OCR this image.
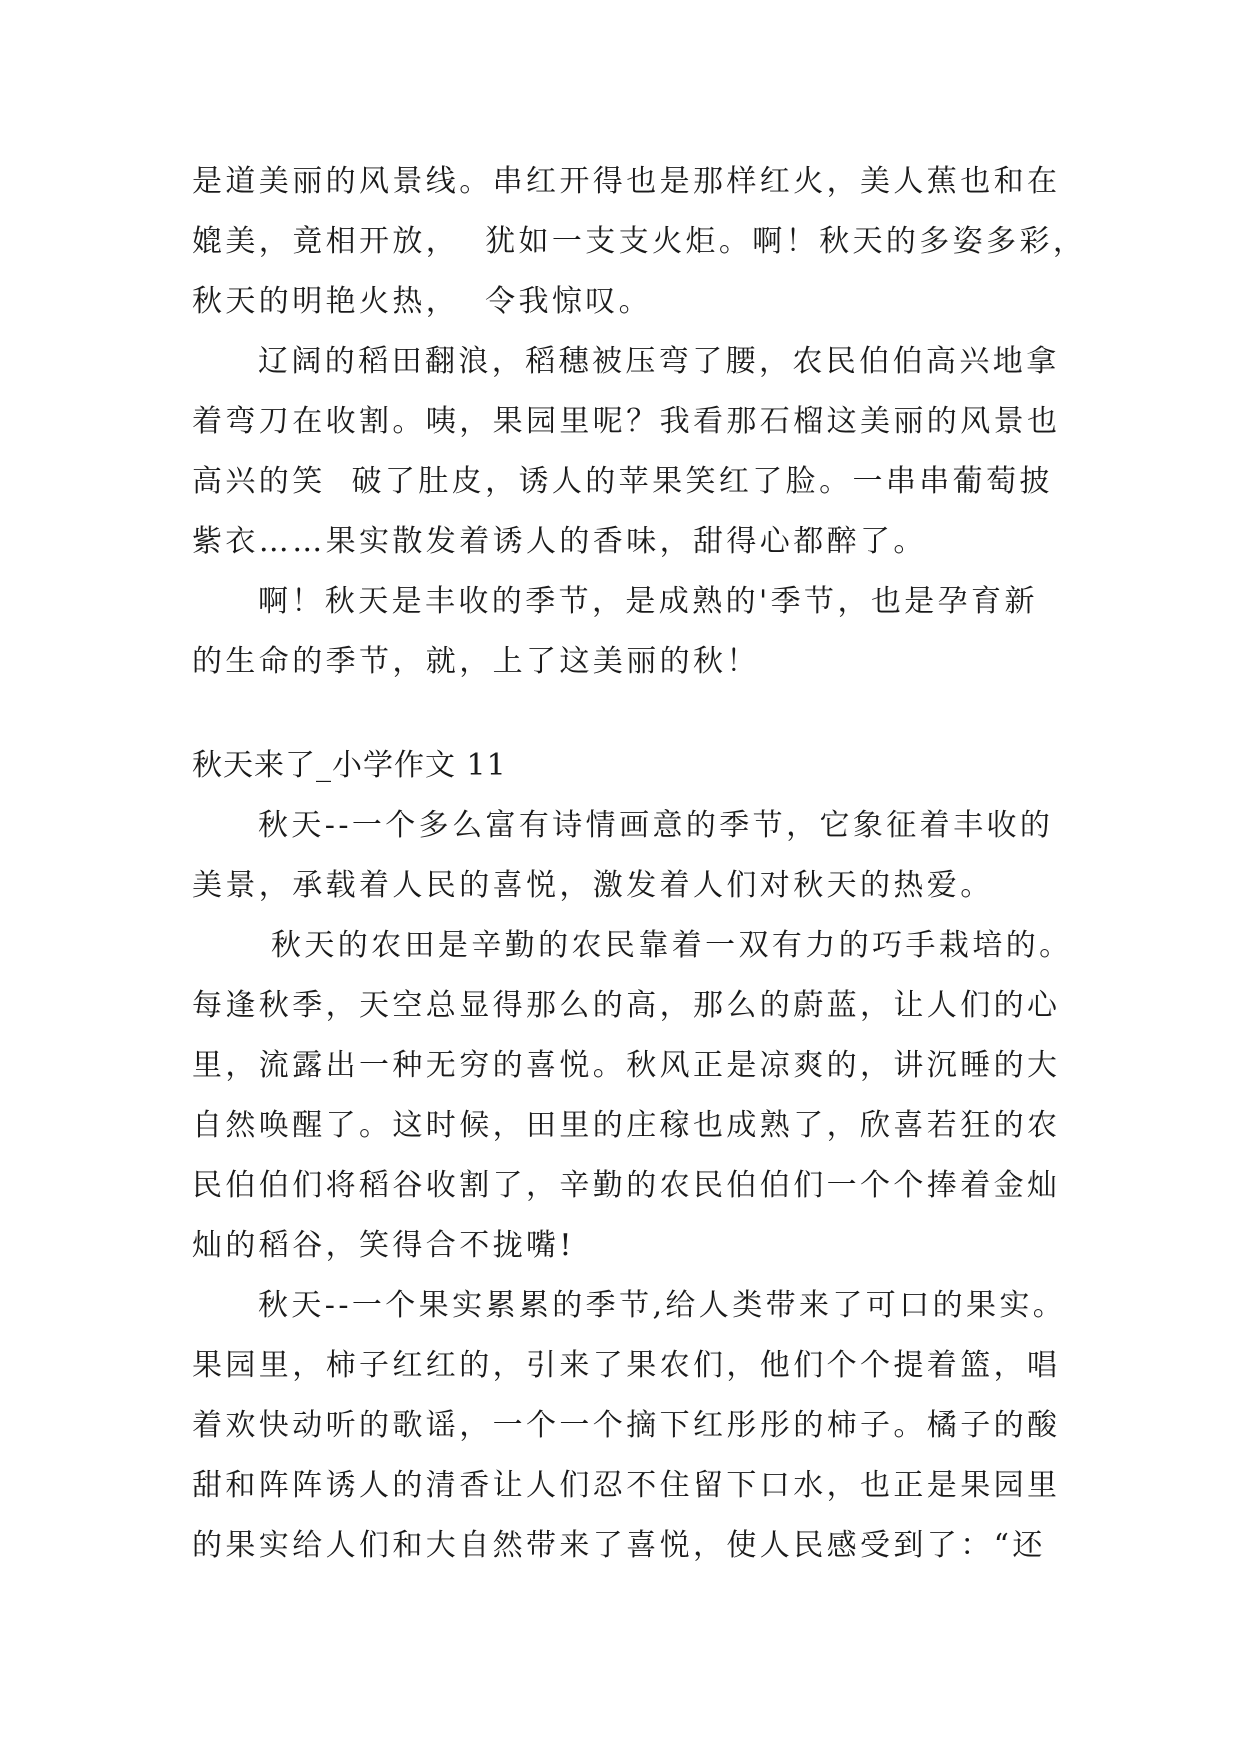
是道美丽的风景线。串红开得也是那样红火，美人蕉也和在
媲美，竟相开放，  犹如一支支火炬。啊！秋天的多姿多彩，
秋天的明艳火热，  令我惊叹。
辽阔的稻田翻浪，稻穗被压弯了腰，农民伯伯高兴地拿
着弯刀在收割。咦，果园里呢？我看那石榴这美丽的风景也
高兴的笑  破了肚皮，诱人的苹果笑红了脸。一串串葡萄披
紫衣……果实散发着诱人的香味，甜得心都醉了。
啊！秋天是丰收的季节，是成熟的'季节，也是孕育新
的生命的季节，就，上了这美丽的秋！
秋天来了_小学作文 11
秋天--一个多么富有诗情画意的季节，它象征着丰收的
美景，承载着人民的喜悦，激发着人们对秋天的热爱。
秋天的农田是辛勤的农民靠着一双有力的巧手栽培的。
每逢秋季，天空总显得那么的高，那么的蔚蓝，让人们的心
里，流露出一种无穷的喜悦。秋风正是凉爽的，讲沉睡的大
自然唤醒了。这时候，田里的庄稼也成熟了，欣喜若狂的农
民伯伯们将稻谷收割了，辛勤的农民伯伯们一个个捧着金灿
灿的稻谷，笑得合不拢嘴!
秋天--一个果实累累的季节,给人类带来了可口的果实。
果园里，柿子红红的，引来了果农们，他们个个提着篮，唱
着欢快动听的歌谣，一个一个摘下红彤彤的柿子。橘子的酸
甜和阵阵诱人的清香让人们忍不住留下口水，也正是果园里
的果实给人们和大自然带来了喜悦，使人民感受到了：“还
